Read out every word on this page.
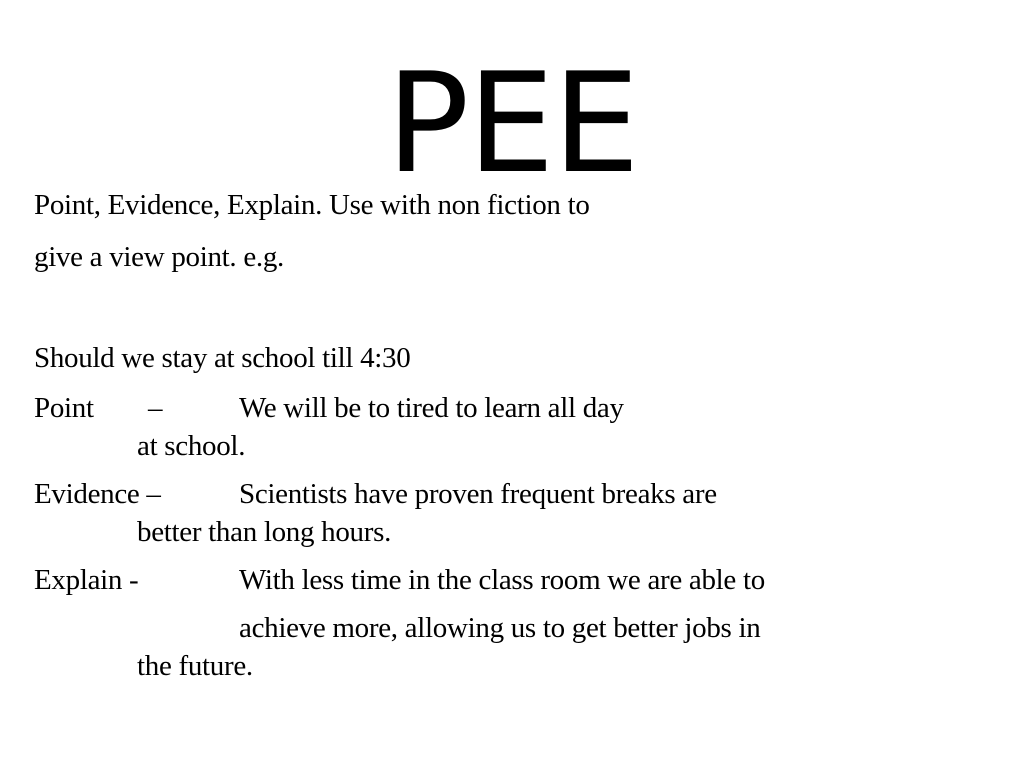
PEE
Point, Evidence, Explain. Use with non fiction to
give a view point. e.g.
Should we stay at school till 4:30
Point –	We will be to tired to learn all day
at school.
Evidence –	Scientists have proven frequent breaks are
better than long hours.
Explain -	With less time in the class room we are able to
achieve more, allowing us to get better jobs in
the future.
